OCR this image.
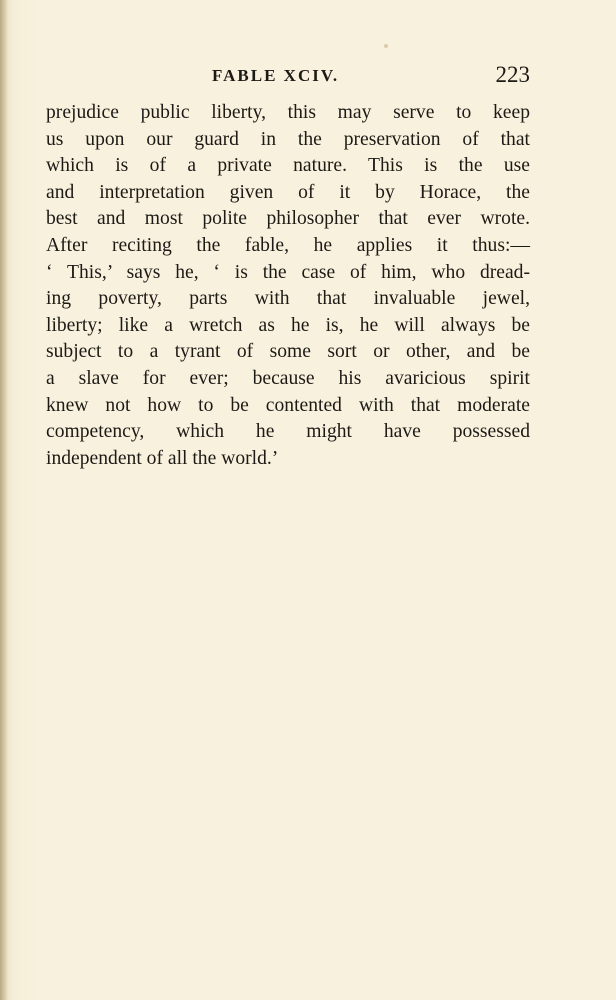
FABLE XCIV.	223
prejudice public liberty, this may serve to keep
us upon our guard in the preservation of that
which is of a private nature. This is the use
and interpretation given of it by Horace, the
best and most polite philosopher that ever wrote.
After reciting the fable, he applies it thus:—
‘ This,’ says he, ‘ is the case of him, who dread-
ing poverty, parts with that invaluable jewel,
liberty; like a wretch as he is, he will always be
subject to a tyrant of some sort or other, and be
a slave for ever; because his avaricious spirit
knew not how to be contented with that moderate
competency, which he might have possessed
independent of all the world.’
